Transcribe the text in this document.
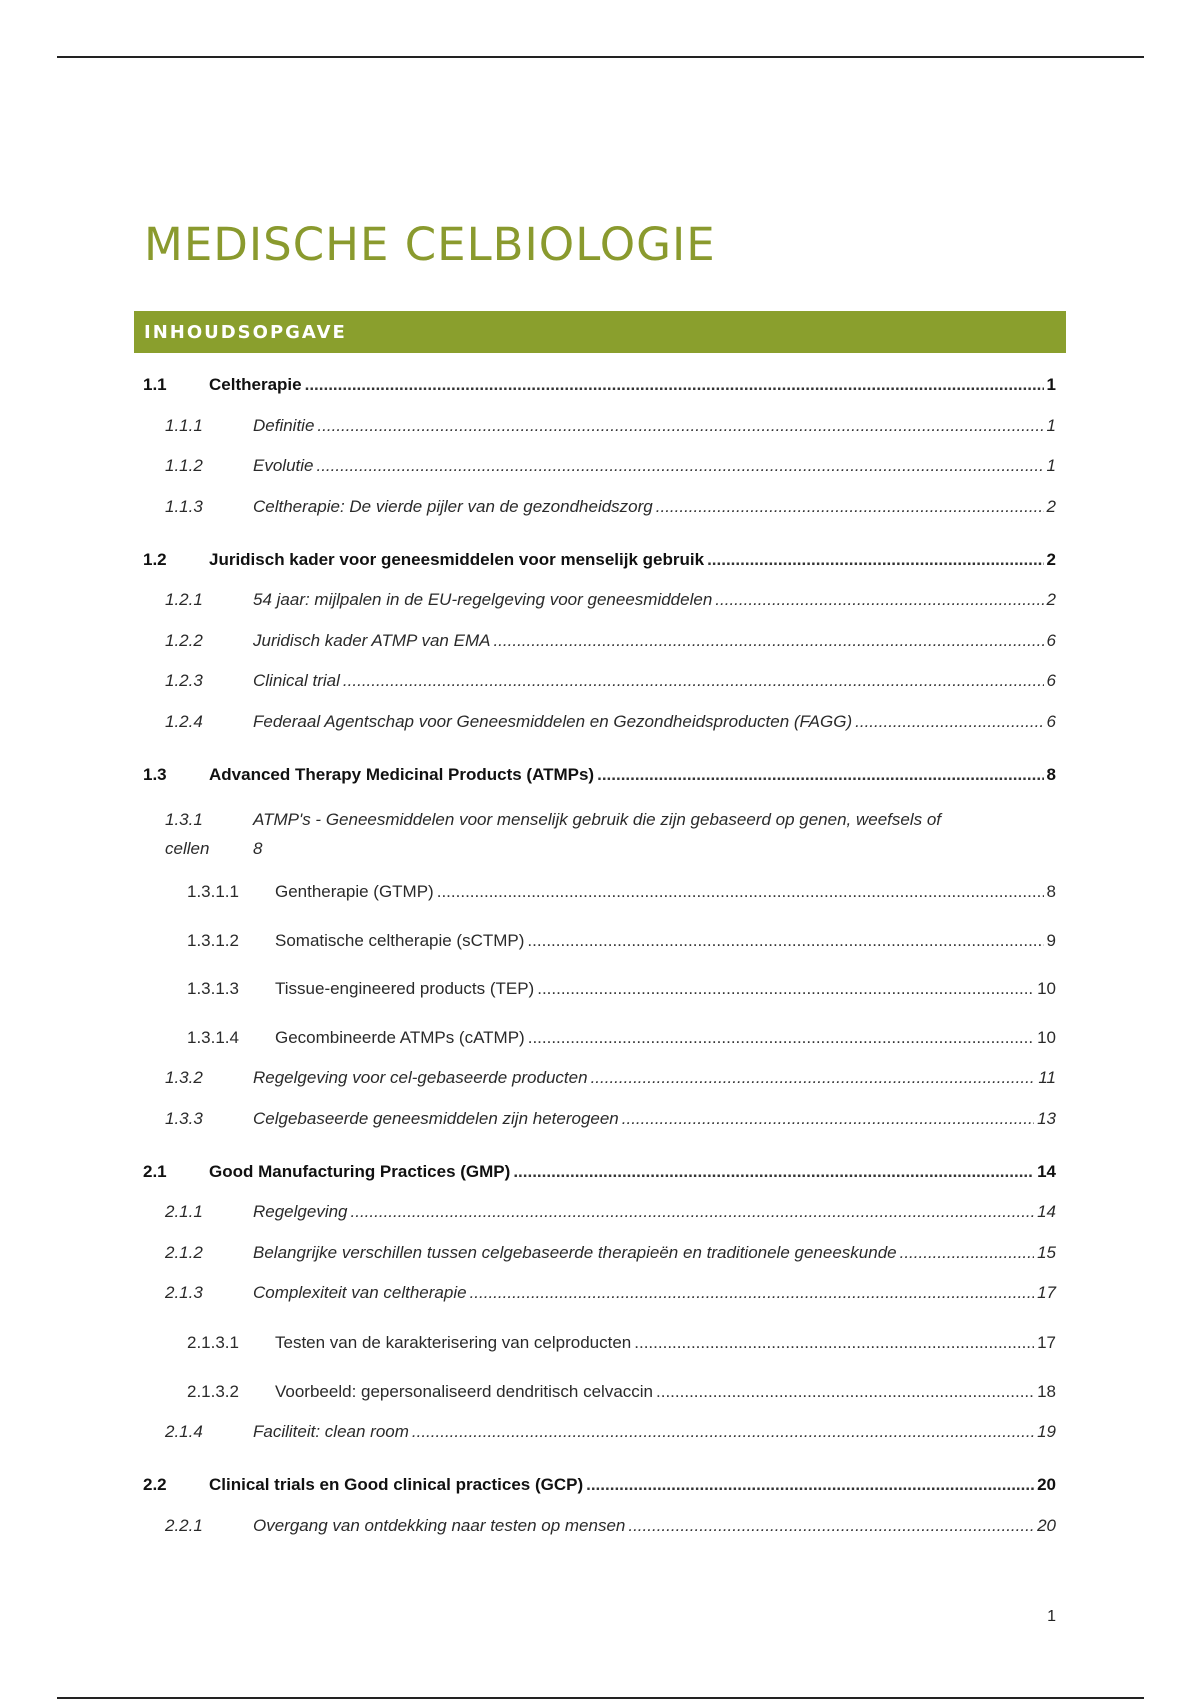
MEDISCHE CELBIOLOGIE
INHOUDSOPGAVE
1.1	Celtherapie .....	1
1.1.1	Definitie .....	1
1.1.2	Evolutie .....	1
1.1.3	Celtherapie: De vierde pijler van de gezondheidszorg .....	2
1.2	Juridisch kader voor geneesmiddelen voor menselijk gebruik .....	2
1.2.1	54 jaar: mijlpalen in de EU-regelgeving voor geneesmiddelen .....	2
1.2.2	Juridisch kader ATMP van EMA .....	6
1.2.3	Clinical trial .....	6
1.2.4	Federaal Agentschap voor Geneesmiddelen en Gezondheidsproducten (FAGG) .....	6
1.3	Advanced Therapy Medicinal Products (ATMPs) .....	8
1.3.1	ATMP's - Geneesmiddelen voor menselijk gebruik die zijn gebaseerd op genen, weefsels of
cellen	8
1.3.1.1	Gentherapie (GTMP) .....	8
1.3.1.2	Somatische celtherapie (sCTMP) .....	9
1.3.1.3	Tissue-engineered products (TEP) .....	10
1.3.1.4	Gecombineerde ATMPs (cATMP) .....	10
1.3.2	Regelgeving voor cel-gebaseerde producten .....	11
1.3.3	Celgebaseerde geneesmiddelen zijn heterogeen .....	13
2.1	Good Manufacturing Practices (GMP) .....	14
2.1.1	Regelgeving .....	14
2.1.2	Belangrijke verschillen tussen celgebaseerde therapieën en traditionele geneeskunde .....	15
2.1.3	Complexiteit van celtherapie .....	17
2.1.3.1	Testen van de karakterisering van celproducten .....	17
2.1.3.2	Voorbeeld: gepersonaliseerd dendritisch celvaccin .....	18
2.1.4	Faciliteit: clean room .....	19
2.2	Clinical trials en Good clinical practices (GCP) .....	20
2.2.1	Overgang van ontdekking naar testen op mensen .....	20
1
